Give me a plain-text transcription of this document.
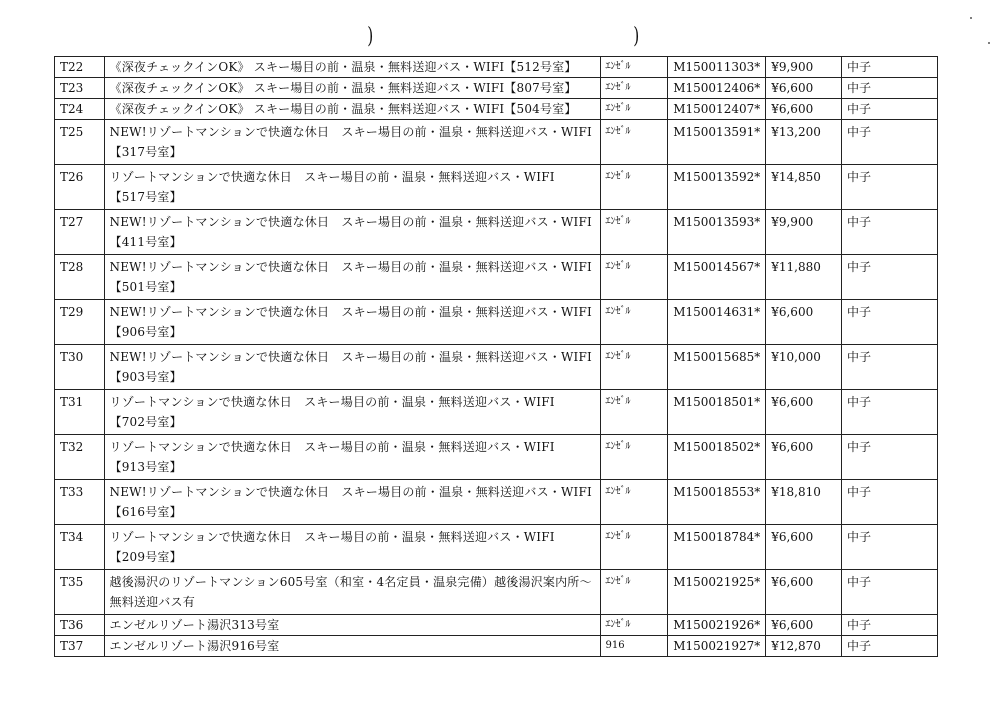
)	)
T22	《深夜チェックインOK》 スキー場目の前・温泉・無料送迎バス・WIFI【512号室】	ｴﾝｾﾞﾙ	M150011303*	¥9,900	中子
T23	《深夜チェックインOK》 スキー場目の前・温泉・無料送迎バス・WIFI【807号室】	ｴﾝｾﾞﾙ	M150012406*	¥6,600	中子
T24	《深夜チェックインOK》 スキー場目の前・温泉・無料送迎バス・WIFI【504号室】	ｴﾝｾﾞﾙ	M150012407*	¥6,600	中子
T25	NEW!リゾートマンションで快適な休日　スキー場目の前・温泉・無料送迎バス・WIFI【317号室】	ｴﾝｾﾞﾙ	M150013591*	¥13,200	中子
T26	リゾートマンションで快適な休日　スキー場目の前・温泉・無料送迎バス・WIFI　【517号室】	ｴﾝｾﾞﾙ	M150013592*	¥14,850	中子
T27	NEW!リゾートマンションで快適な休日　スキー場目の前・温泉・無料送迎バス・WIFI　【411号室】	ｴﾝｾﾞﾙ	M150013593*	¥9,900	中子
T28	NEW!リゾートマンションで快適な休日　スキー場目の前・温泉・無料送迎バス・WIFI　【501号室】	ｴﾝｾﾞﾙ	M150014567*	¥11,880	中子
T29	NEW!リゾートマンションで快適な休日　スキー場目の前・温泉・無料送迎バス・WIFI　【906号室】	ｴﾝｾﾞﾙ	M150014631*	¥6,600	中子
T30	NEW!リゾートマンションで快適な休日　スキー場目の前・温泉・無料送迎バス・WIFI　【903号室】	ｴﾝｾﾞﾙ	M150015685*	¥10,000	中子
T31	リゾートマンションで快適な休日　スキー場目の前・温泉・無料送迎バス・WIFI　【702号室】	ｴﾝｾﾞﾙ	M150018501*	¥6,600	中子
T32	リゾートマンションで快適な休日　スキー場目の前・温泉・無料送迎バス・WIFI　【913号室】	ｴﾝｾﾞﾙ	M150018502*	¥6,600	中子
T33	NEW!リゾートマンションで快適な休日　スキー場目の前・温泉・無料送迎バス・WIFI　【616号室】	ｴﾝｾﾞﾙ	M150018553*	¥18,810	中子
T34	リゾートマンションで快適な休日　スキー場目の前・温泉・無料送迎バス・WIFI　【209号室】	ｴﾝｾﾞﾙ	M150018784*	¥6,600	中子
T35	越後湯沢のリゾートマンション605号室（和室・4名定員・温泉完備）越後湯沢案内所～無料送迎バス有	ｴﾝｾﾞﾙ	M150021925*	¥6,600	中子
T36	エンゼルリゾート湯沢313号室	ｴﾝｾﾞﾙ	M150021926*	¥6,600	中子
T37	エンゼルリゾート湯沢916号室	916	M150021927*	¥12,870	中子
